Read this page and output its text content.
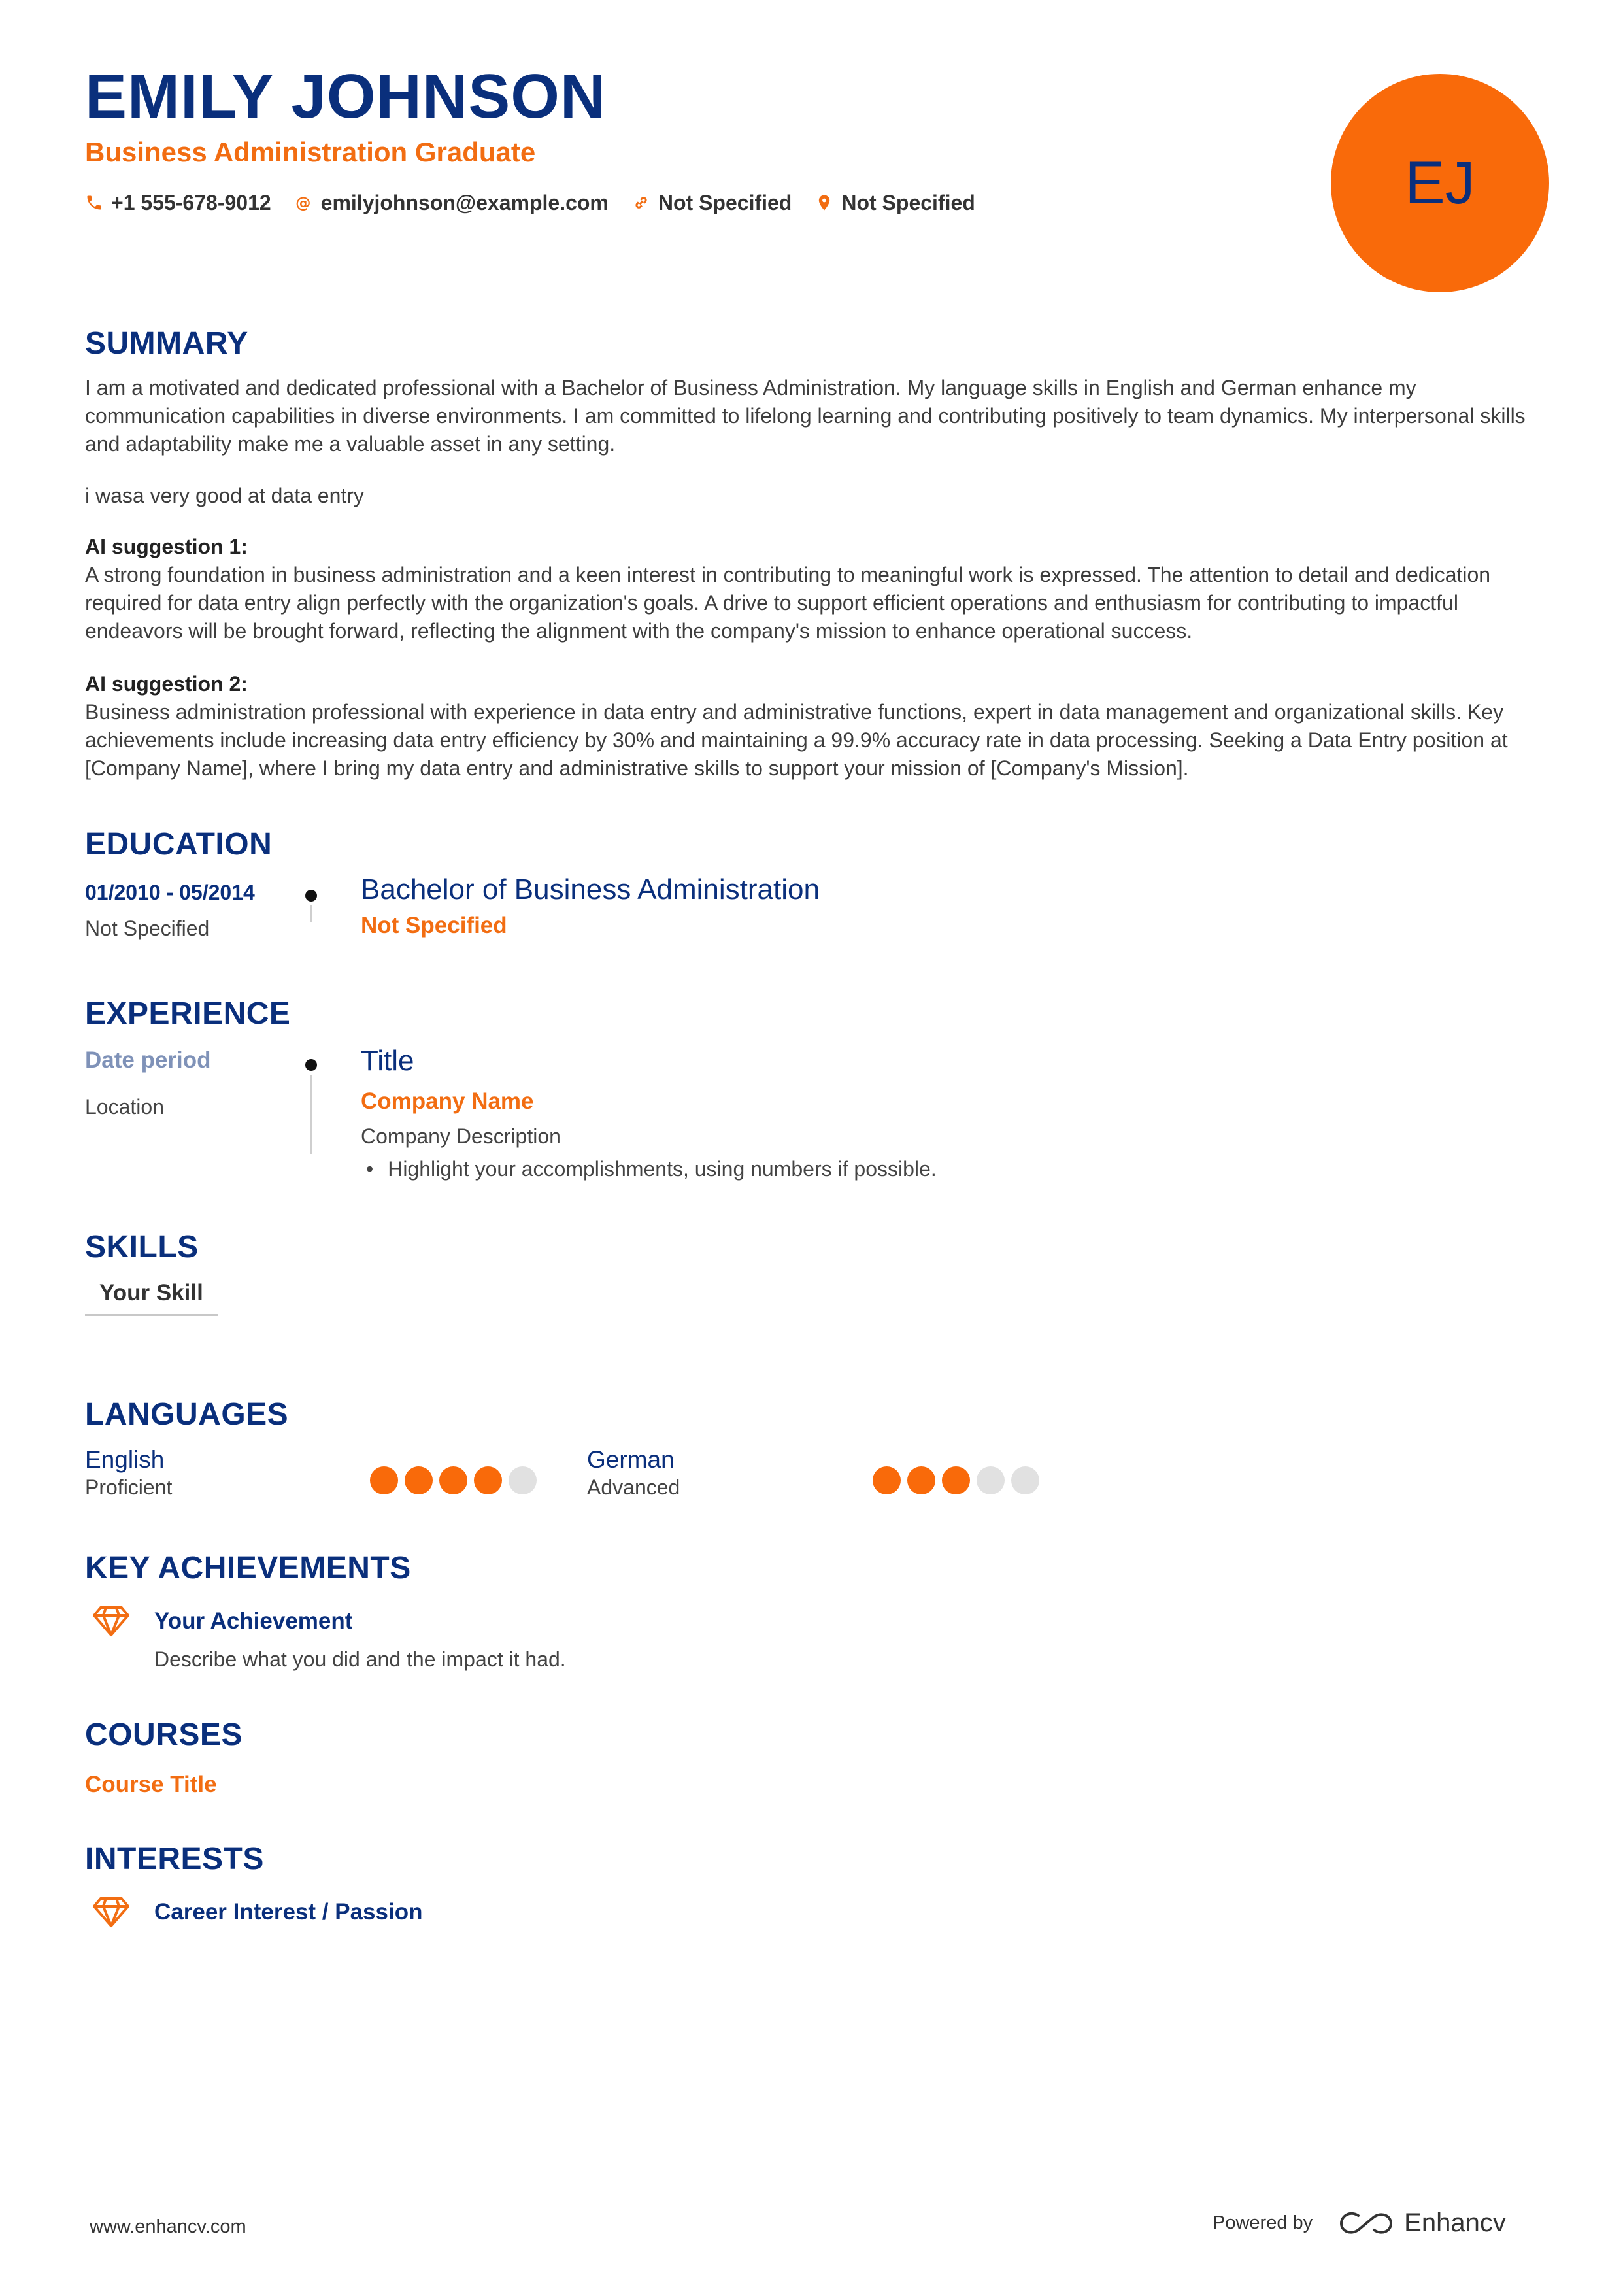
EMILY JOHNSON
Business Administration Graduate
+1 555-678-9012 @ emilyjohnson@example.com Not Specified Not Specified	EJ
SUMMARY
I am a motivated and dedicated professional with a Bachelor of Business Administration. My language skills in English and German enhance my communication capabilities in diverse environments. I am committed to lifelong learning and contributing positively to team dynamics. My interpersonal skills and adaptability make me a valuable asset in any setting.
i wasa very good at data entry
AI suggestion 1:
A strong foundation in business administration and a keen interest in contributing to meaningful work is expressed. The attention to detail and dedication required for data entry align perfectly with the organization's goals. A drive to support efficient operations and enthusiasm for contributing to impactful endeavors will be brought forward, reflecting the alignment with the company's mission to enhance operational success.
AI suggestion 2:
Business administration professional with experience in data entry and administrative functions, expert in data management and organizational skills. Key achievements include increasing data entry efficiency by 30% and maintaining a 99.9% accuracy rate in data processing. Seeking a Data Entry position at [Company Name], where I bring my data entry and administrative skills to support your mission of [Company's Mission].
EDUCATION
01/2010 - 05/2014
Not Specified
Bachelor of Business Administration
Not Specified
EXPERIENCE
Date period
Location
Title
Company Name
Company Description
• Highlight your accomplishments, using numbers if possible.
SKILLS
Your Skill
LANGUAGES
English
Proficient
German
Advanced
KEY ACHIEVEMENTS
Your Achievement
Describe what you did and the impact it had.
COURSES
Course Title
INTERESTS
Career Interest / Passion
www.enhancv.com	Powered by	Enhancv
